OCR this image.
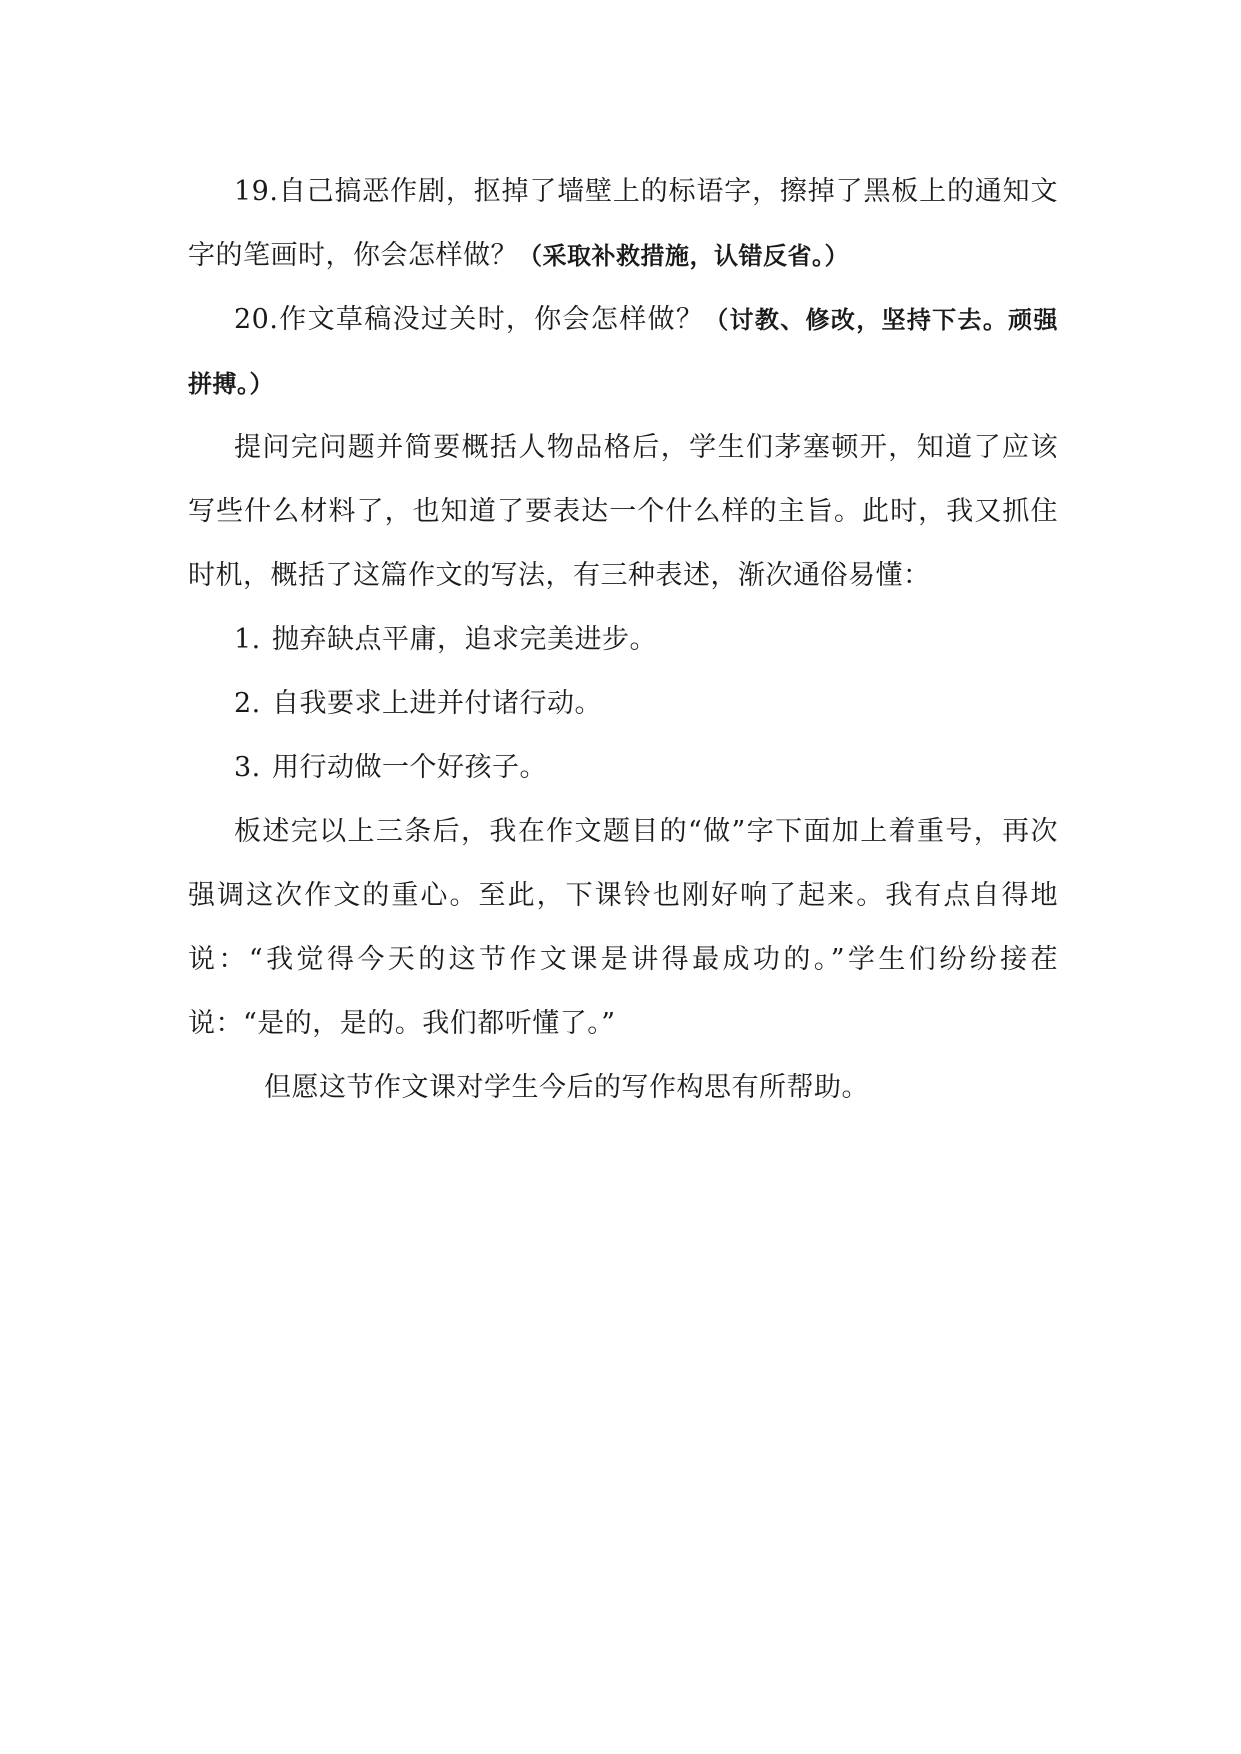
19.自己搞恶作剧，抠掉了墙壁上的标语字，擦掉了黑板上的通知文字的笔画时，你会怎样做？（采取补救措施，认错反省。）

20.作文草稿没过关时，你会怎样做？（讨教、修改，坚持下去。顽强拼搏。）

提问完问题并简要概括人物品格后，学生们茅塞顿开，知道了应该写些什么材料了，也知道了要表达一个什么样的主旨。此时，我又抓住时机，概括了这篇作文的写法，有三种表述，渐次通俗易懂：

1. 抛弃缺点平庸，追求完美进步。

2. 自我要求上进并付诸行动。

3. 用行动做一个好孩子。

板述完以上三条后，我在作文题目的“做”字下面加上着重号，再次强调这次作文的重心。至此，下课铃也刚好响了起来。我有点自得地说：“我觉得今天的这节作文课是讲得最成功的。”学生们纷纷接茬说：“是的，是的。我们都听懂了。”

但愿这节作文课对学生今后的写作构思有所帮助。
